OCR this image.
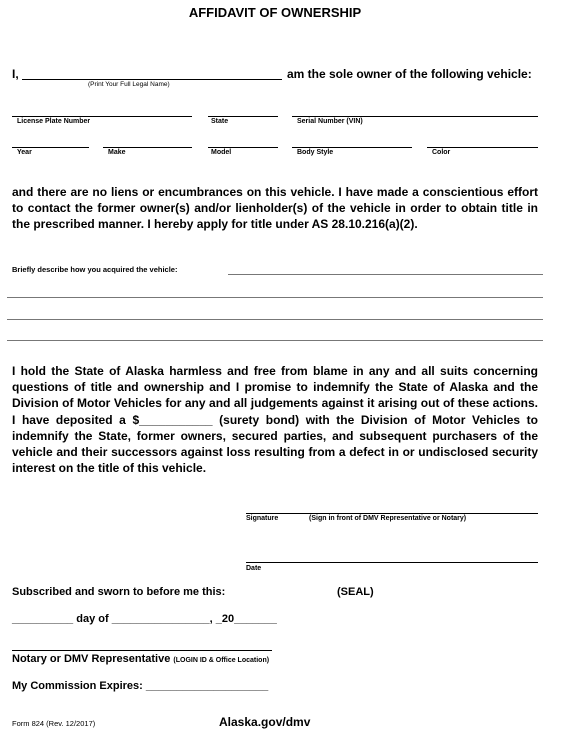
AFFIDAVIT OF OWNERSHIP
I,	am the sole owner of the following vehicle:
(Print Your Full Legal Name)
License Plate Number	State	Serial Number (VIN)
Year	Make	Model	Body Style	Color
and there are no liens or encumbrances on this vehicle. I have made a conscientious effort to contact the former owner(s) and/or lienholder(s) of the vehicle in order to obtain title in the prescribed manner. I hereby apply for title under AS 28.10.216(a)(2).
Briefly describe how you acquired the vehicle:
I hold the State of Alaska harmless and free from blame in any and all suits concerning questions of title and ownership and I promise to indemnify the State of Alaska and the Division of Motor Vehicles for any and all judgements against it arising out of these actions. I have deposited a $___________ (surety bond) with the Division of Motor Vehicles to indemnify the State, former owners, secured parties, and subsequent purchasers of the vehicle and their successors against loss resulting from a defect in or undisclosed security interest on the title of this vehicle.
Signature	(Sign in front of DMV Representative or Notary)
Date
Subscribed and sworn to before me this:	(SEAL)
__________ day of ________________, _20_______
Notary or DMV Representative (LOGIN ID & Office Location)
My Commission Expires: ____________________
Form 824 (Rev. 12/2017)	Alaska.gov/dmv
